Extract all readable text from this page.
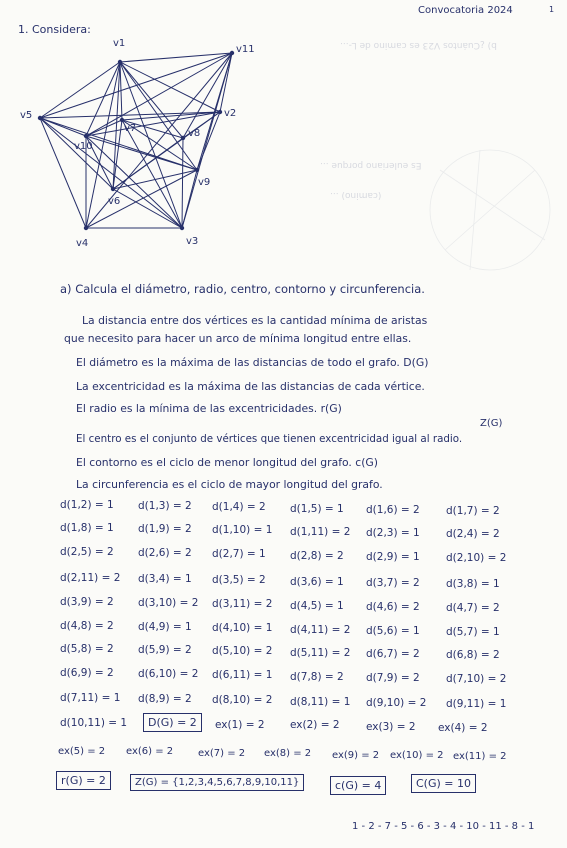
b) ¿Cuántos V23 es camino de L-...
Es euleriano porque ...
(camino) ...
Convocatoria 2024	1
1. Considera:
v1
v11
v5
v10
v7	v8
v2
v9
v6
v4	v3
a) Calcula el diámetro, radio, centro, contorno y circunferencia.
La distancia entre dos vértices es la cantidad mínima de aristas
que necesito para hacer un arco de mínima longitud entre ellas.
El diámetro es la máxima de las distancias de todo el grafo. D(G)
La excentricidad es la máxima de las distancias de cada vértice.
El radio es la mínima de las excentricidades. r(G)
Z(G)
El centro es el conjunto de vértices que tienen excentricidad igual al radio.
El contorno es el ciclo de menor longitud del grafo. c(G)
La circunferencia es el ciclo de mayor longitud del grafo.
d(1,2) = 1 d(1,3) = 2 d(1,4) = 2 d(1,5) = 1 d(1,6) = 2	d(1,7) = 2
d(1,8) = 1 d(1,9) = 2 d(1,10) = 1 d(1,11) = 2 d(2,3) = 1	d(2,4) = 2
d(2,5) = 2 d(2,6) = 2 d(2,7) = 1 d(2,8) = 2 d(2,9) = 1	d(2,10) = 2
d(2,11) = 2 d(3,4) = 1 d(3,5) = 2 d(3,6) = 1 d(3,7) = 2	d(3,8) = 1
d(3,9) = 2 d(3,10) = 2 d(3,11) = 2 d(4,5) = 1 d(4,6) = 2	d(4,7) = 2
d(4,8) = 2 d(4,9) = 1 d(4,10) = 1 d(4,11) = 2 d(5,6) = 1	d(5,7) = 1
d(5,8) = 2 d(5,9) = 2 d(5,10) = 2 d(5,11) = 2 d(6,7) = 2	d(6,8) = 2
d(6,9) = 2 d(6,10) = 2 d(6,11) = 1 d(7,8) = 2 d(7,9) = 2	d(7,10) = 2
d(7,11) = 1 d(8,9) = 2 d(8,10) = 2 d(8,11) = 1 d(9,10) = 2 d(9,11) = 1
d(10,11) = 1	D(G) = 2	ex(1) = 2 ex(2) = 2	ex(3) = 2 ex(4) = 2
ex(5) = 2 ex(6) = 2 ex(7) = 2 ex(8) = 2 ex(9) = 2 ex(10) = 2 ex(11) = 2
r(G) = 2	Z(G) = {1,2,3,4,5,6,7,8,9,10,11}	c(G) = 4	C(G) = 10
1 - 2 - 7 - 5 - 6 - 3 - 4 - 10 - 11 - 8 - 1
